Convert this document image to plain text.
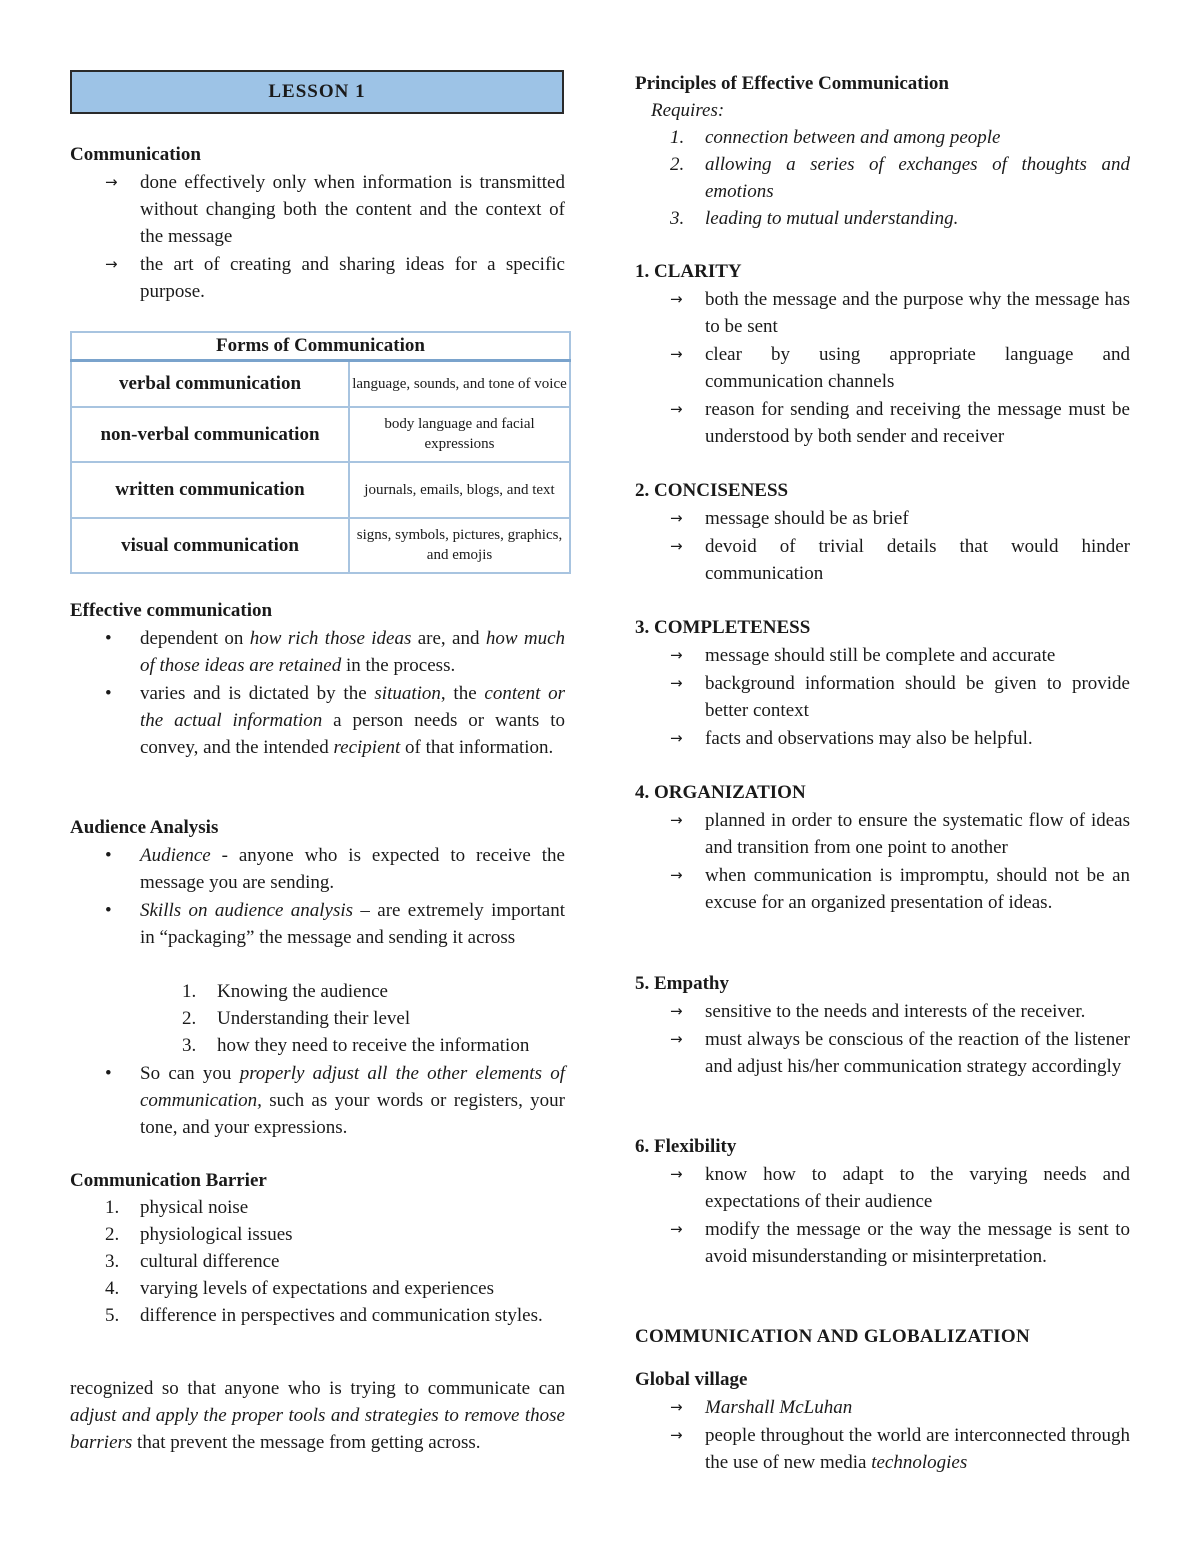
LESSON 1
Communication
→ done effectively only when information is transmitted without changing both the content and the context of the message
→ the art of creating and sharing ideas for a specific purpose.
Forms of Communication	
verbal communication	language, sounds, and tone of voice
non-verbal communication	body language and facial expressions
written communication	journals, emails, blogs, and text
visual communication	signs, symbols, pictures, graphics, and emojis
Effective communication
• dependent on how rich those ideas are, and how much of those ideas are retained in the process.
• varies and is dictated by the situation, the content or the actual information a person needs or wants to convey, and the intended recipient of that information.
Audience Analysis
• Audience - anyone who is expected to receive the message you are sending.
• Skills on audience analysis – are extremely important in “packaging” the message and sending it across
1. Knowing the audience
2. Understanding their level
3. how they need to receive the information
• So can you properly adjust all the other elements of communication, such as your words or registers, your tone, and your expressions.
Communication Barrier
1. physical noise
2. physiological issues
3. cultural difference
4. varying levels of expectations and experiences
5. difference in perspectives and communication styles.
recognized so that anyone who is trying to communicate can adjust and apply the proper tools and strategies to remove those barriers that prevent the message from getting across.
Principles of Effective Communication
Requires:
1. connection between and among people
2. allowing a series of exchanges of thoughts and emotions
3. leading to mutual understanding.
1. CLARITY
→ both the message and the purpose why the message has to be sent
→ clear by using appropriate language and communication channels
→ reason for sending and receiving the message must be understood by both sender and receiver
2. CONCISENESS
→ message should be as brief
→ devoid of trivial details that would hinder communication
3. COMPLETENESS
→ message should still be complete and accurate
→ background information should be given to provide better context
→ facts and observations may also be helpful.
4. ORGANIZATION
→ planned in order to ensure the systematic flow of ideas and transition from one point to another
→ when communication is impromptu, should not be an excuse for an organized presentation of ideas.
5. Empathy
→ sensitive to the needs and interests of the receiver.
→ must always be conscious of the reaction of the listener and adjust his/her communication strategy accordingly
6. Flexibility
→ know how to adapt to the varying needs and expectations of their audience
→ modify the message or the way the message is sent to avoid misunderstanding or misinterpretation.
COMMUNICATION AND GLOBALIZATION
Global village
→ Marshall McLuhan
→ people throughout the world are interconnected through the use of new media technologies
